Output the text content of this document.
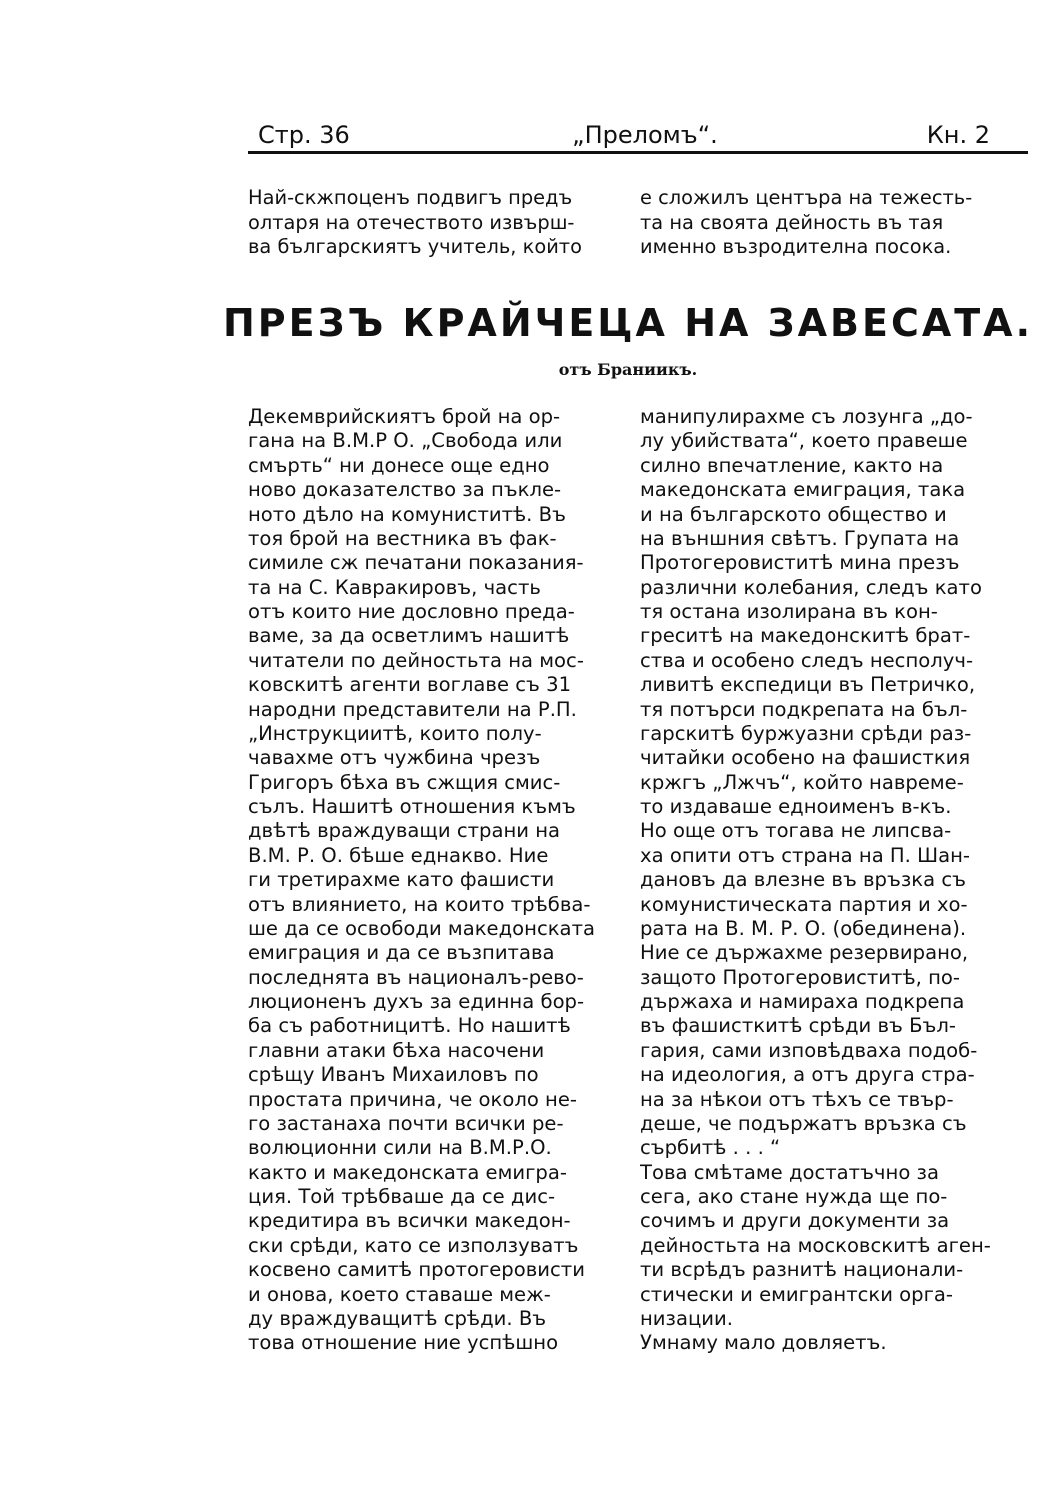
Стр. 36	„Преломъ“.	Кн. 2
Най-скжпоценъ подвигъ предъ
олтаря на отечеството извърш-
ва българскиятъ учитель, който
е сложилъ центъра на тежесть-
та на своята дейность въ тая
именно възродителна посока.
ПРЕЗЪ КРАЙЧЕЦА НА ЗАВЕСАТА.
отъ Браниикъ.
Декемврийскиятъ брой на ор-
гана на В.М.Р О. „Свобода или
смърть“ ни донесе още едно
ново доказателство за пъкле-
ното дѣло на комуниститѣ. Въ
тоя брой на вестника въ фак-
симиле сж печатани показания-
та на С. Кавракировъ, часть
отъ които ние дословно преда-
ваме, за да осветлимъ нашитѣ
читатели по дейностьта на мос-
ковскитѣ агенти воглаве съ 31
народни представители на Р.П.
„Инструкциитѣ, които полу-
чавахме отъ чужбина чрезъ
Григоръ бѣха въ сжщия смис-
сълъ. Нашитѣ отношения къмъ
двѣтѣ враждуващи страни на
В.М. Р. О. бѣше еднакво. Ние
ги третирахме като фашисти
отъ влиянието, на които трѣбва-
ше да се освободи македонската
емиграция и да се възпитава
последнята въ националъ-рево-
люционенъ духъ за единна бор-
ба съ работницитѣ. Но нашитѣ
главни атаки бѣха насочени
срѣщу Иванъ Михаиловъ по
простата причина, че около не-
го застанаха почти всички ре-
волюционни сили на В.М.Р.О.
както и македонската емигра-
ция. Той трѣбваше да се дис-
кредитира въ всички македон-
ски срѣди, като се използуватъ
косвено самитѣ протогеровисти
и онова, което ставаше меж-
ду враждуващитѣ срѣди. Въ
това отношение ние успѣшно
манипулирахме съ лозунга „до-
лу убийствата“, което правеше
силно впечатление, както на
македонската емиграция, така
и на българското общество и
на външния свѣтъ. Групата на
Протогеровиститѣ мина презъ
различни колебания, следъ като
тя остана изолирана въ кон-
греситѣ на македонскитѣ брат-
ства и особено следъ несполуч-
ливитѣ експедици въ Петричко,
тя потърси подкрепата на бъл-
гарскитѣ буржуазни срѣди раз-
читайки особено на фашисткия
кржгъ „Лжчъ“, който наврeме-
то издаваше едноименъ в-къ.
Но още отъ тогава не липсва-
ха опити отъ страна на П. Шан-
дановъ да влезне въ връзка съ
комунистическата партия и хо-
рата на В. М. Р. О. (обединена).
Ние се държахме резервирано,
защото Протогеровиститѣ, по-
държаха и намираха подкрепа
въ фашисткитѣ срѣди въ Бъл-
гария, сами изповѣдваха подоб-
на идеология, а отъ друга стра-
на за нѣкои отъ тѣхъ се твър-
деше, че подържатъ връзка съ
сърбитѣ . . . “
Това смѣтаме достатъчно за
сега, ако стане нужда ще по-
сочимъ и други документи за
дейностьта на московскитѣ аген-
ти всрѣдъ разнитѣ национали-
стически и емигрантски орга-
низации.
Умнаму мало довляетъ.
